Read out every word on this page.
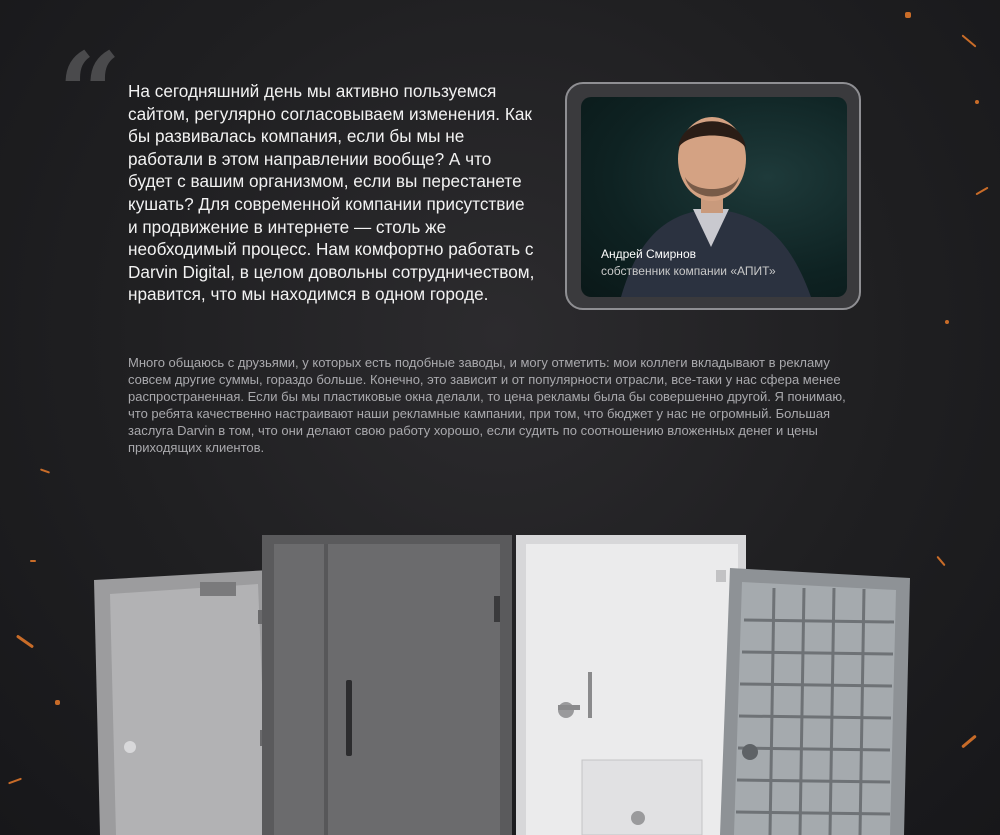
“ На сегодняшний день мы активно пользуемся сайтом, регулярно согласовываем изменения. Как бы развивалась компания, если бы мы не работали в этом направлении вообще? А что будет с вашим организмом, если вы перестанете кушать? Для современной компании присутствие и продвижение в интернете — столь же необходимый процесс. Нам комфортно работать с Darvin Digital, в целом довольны сотрудничеством, нравится, что мы находимся в одном городе.

Андрей Смирнов
собственник компании «АПИТ»

Много общаюсь с друзьями, у которых есть подобные заводы, и могу отметить: мои коллеги вкладывают в рекламу совсем другие суммы, гораздо больше. Конечно, это зависит и от популярности отрасли, все-таки у нас сфера менее распространенная. Если бы мы пластиковые окна делали, то цена рекламы была бы совершенно другой. Я понимаю, что ребята качественно настраивают наши рекламные кампании, при том, что бюджет у нас не огромный. Большая заслуга Darvin в том, что они делают свою работу хорошо, если судить по соотношению вложенных денег и цены приходящих клиентов.
